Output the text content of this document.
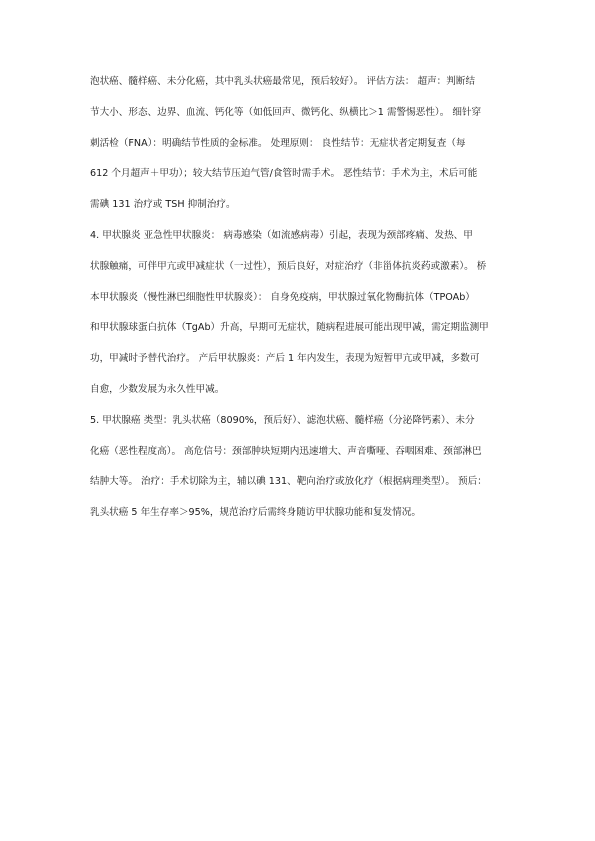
泡状癌、髓样癌、未分化癌，其中乳头状癌最常见，预后较好）。 评估方法： 超声：判断结
节大小、形态、边界、血流、钙化等（如低回声、微钙化、纵横比＞1 需警惕恶性）。 细针穿
刺活检（FNA）：明确结节性质的金标准。 处理原则： 良性结节：无症状者定期复查（每
612 个月超声＋甲功）；较大结节压迫气管/食管时需手术。 恶性结节：手术为主，术后可能
需碘 131 治疗或 TSH 抑制治疗。
4. 甲状腺炎 亚急性甲状腺炎： 病毒感染（如流感病毒）引起，表现为颈部疼痛、发热、甲
状腺触痛，可伴甲亢或甲减症状（一过性），预后良好，对症治疗（非甾体抗炎药或激素）。 桥
本甲状腺炎（慢性淋巴细胞性甲状腺炎）： 自身免疫病，甲状腺过氧化物酶抗体（TPOAb）
和甲状腺球蛋白抗体（TgAb）升高，早期可无症状，随病程进展可能出现甲减，需定期监测甲
功，甲减时予替代治疗。 产后甲状腺炎：产后 1 年内发生，表现为短暂甲亢或甲减，多数可
自愈，少数发展为永久性甲减。
5. 甲状腺癌 类型：乳头状癌（8090%，预后好）、滤泡状癌、髓样癌（分泌降钙素）、未分
化癌（恶性程度高）。 高危信号：颈部肿块短期内迅速增大、声音嘶哑、吞咽困难、颈部淋巴
结肿大等。 治疗：手术切除为主，辅以碘 131、靶向治疗或放化疗（根据病理类型）。 预后：
乳头状癌 5 年生存率＞95%，规范治疗后需终身随访甲状腺功能和复发情况。
